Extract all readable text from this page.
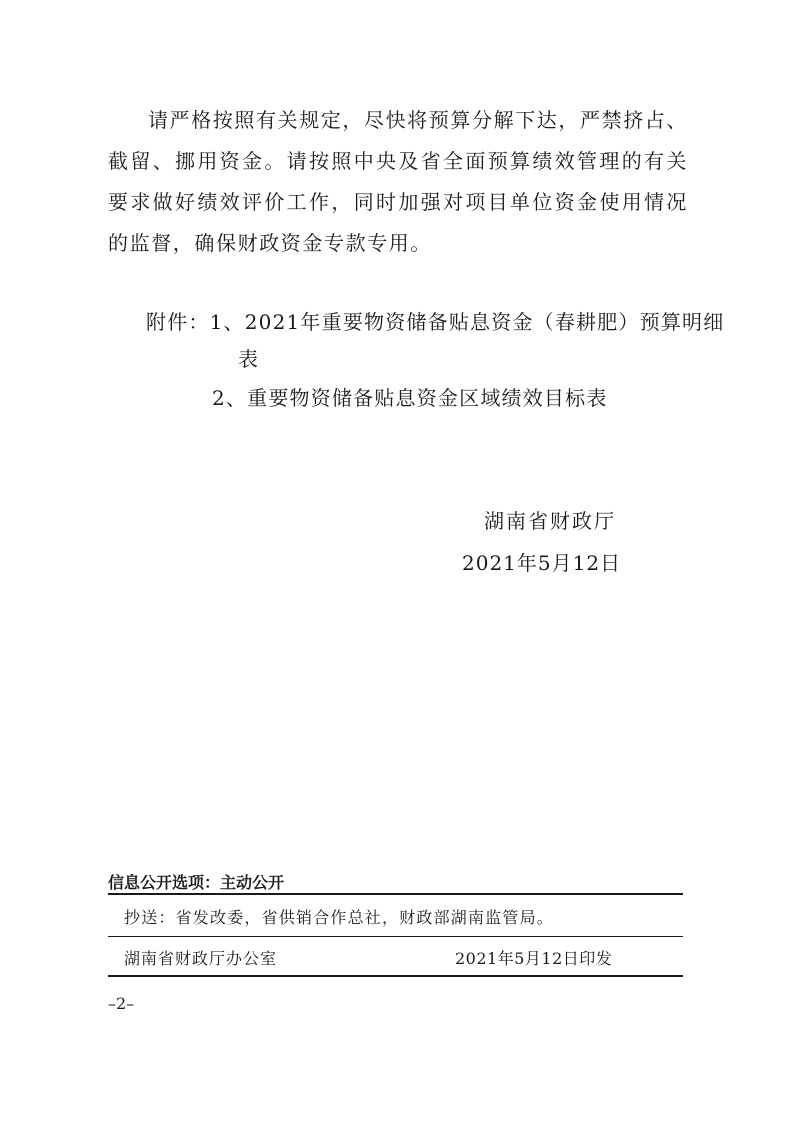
请严格按照有关规定，尽快将预算分解下达，严禁挤占、截留、挪用资金。请按照中央及省全面预算绩效管理的有关要求做好绩效评价工作，同时加强对项目单位资金使用情况的监督，确保财政资金专款专用。

附件：1、2021年重要物资储备贴息资金（春耕肥）预算明细
表
2、重要物资储备贴息资金区域绩效目标表
湖南省财政厅
2021年5月12日
信息公开选项：主动公开
抄送：省发改委，省供销合作总社，财政部湖南监管局。
湖南省财政厅办公室	2021年5月12日印发
–2–
